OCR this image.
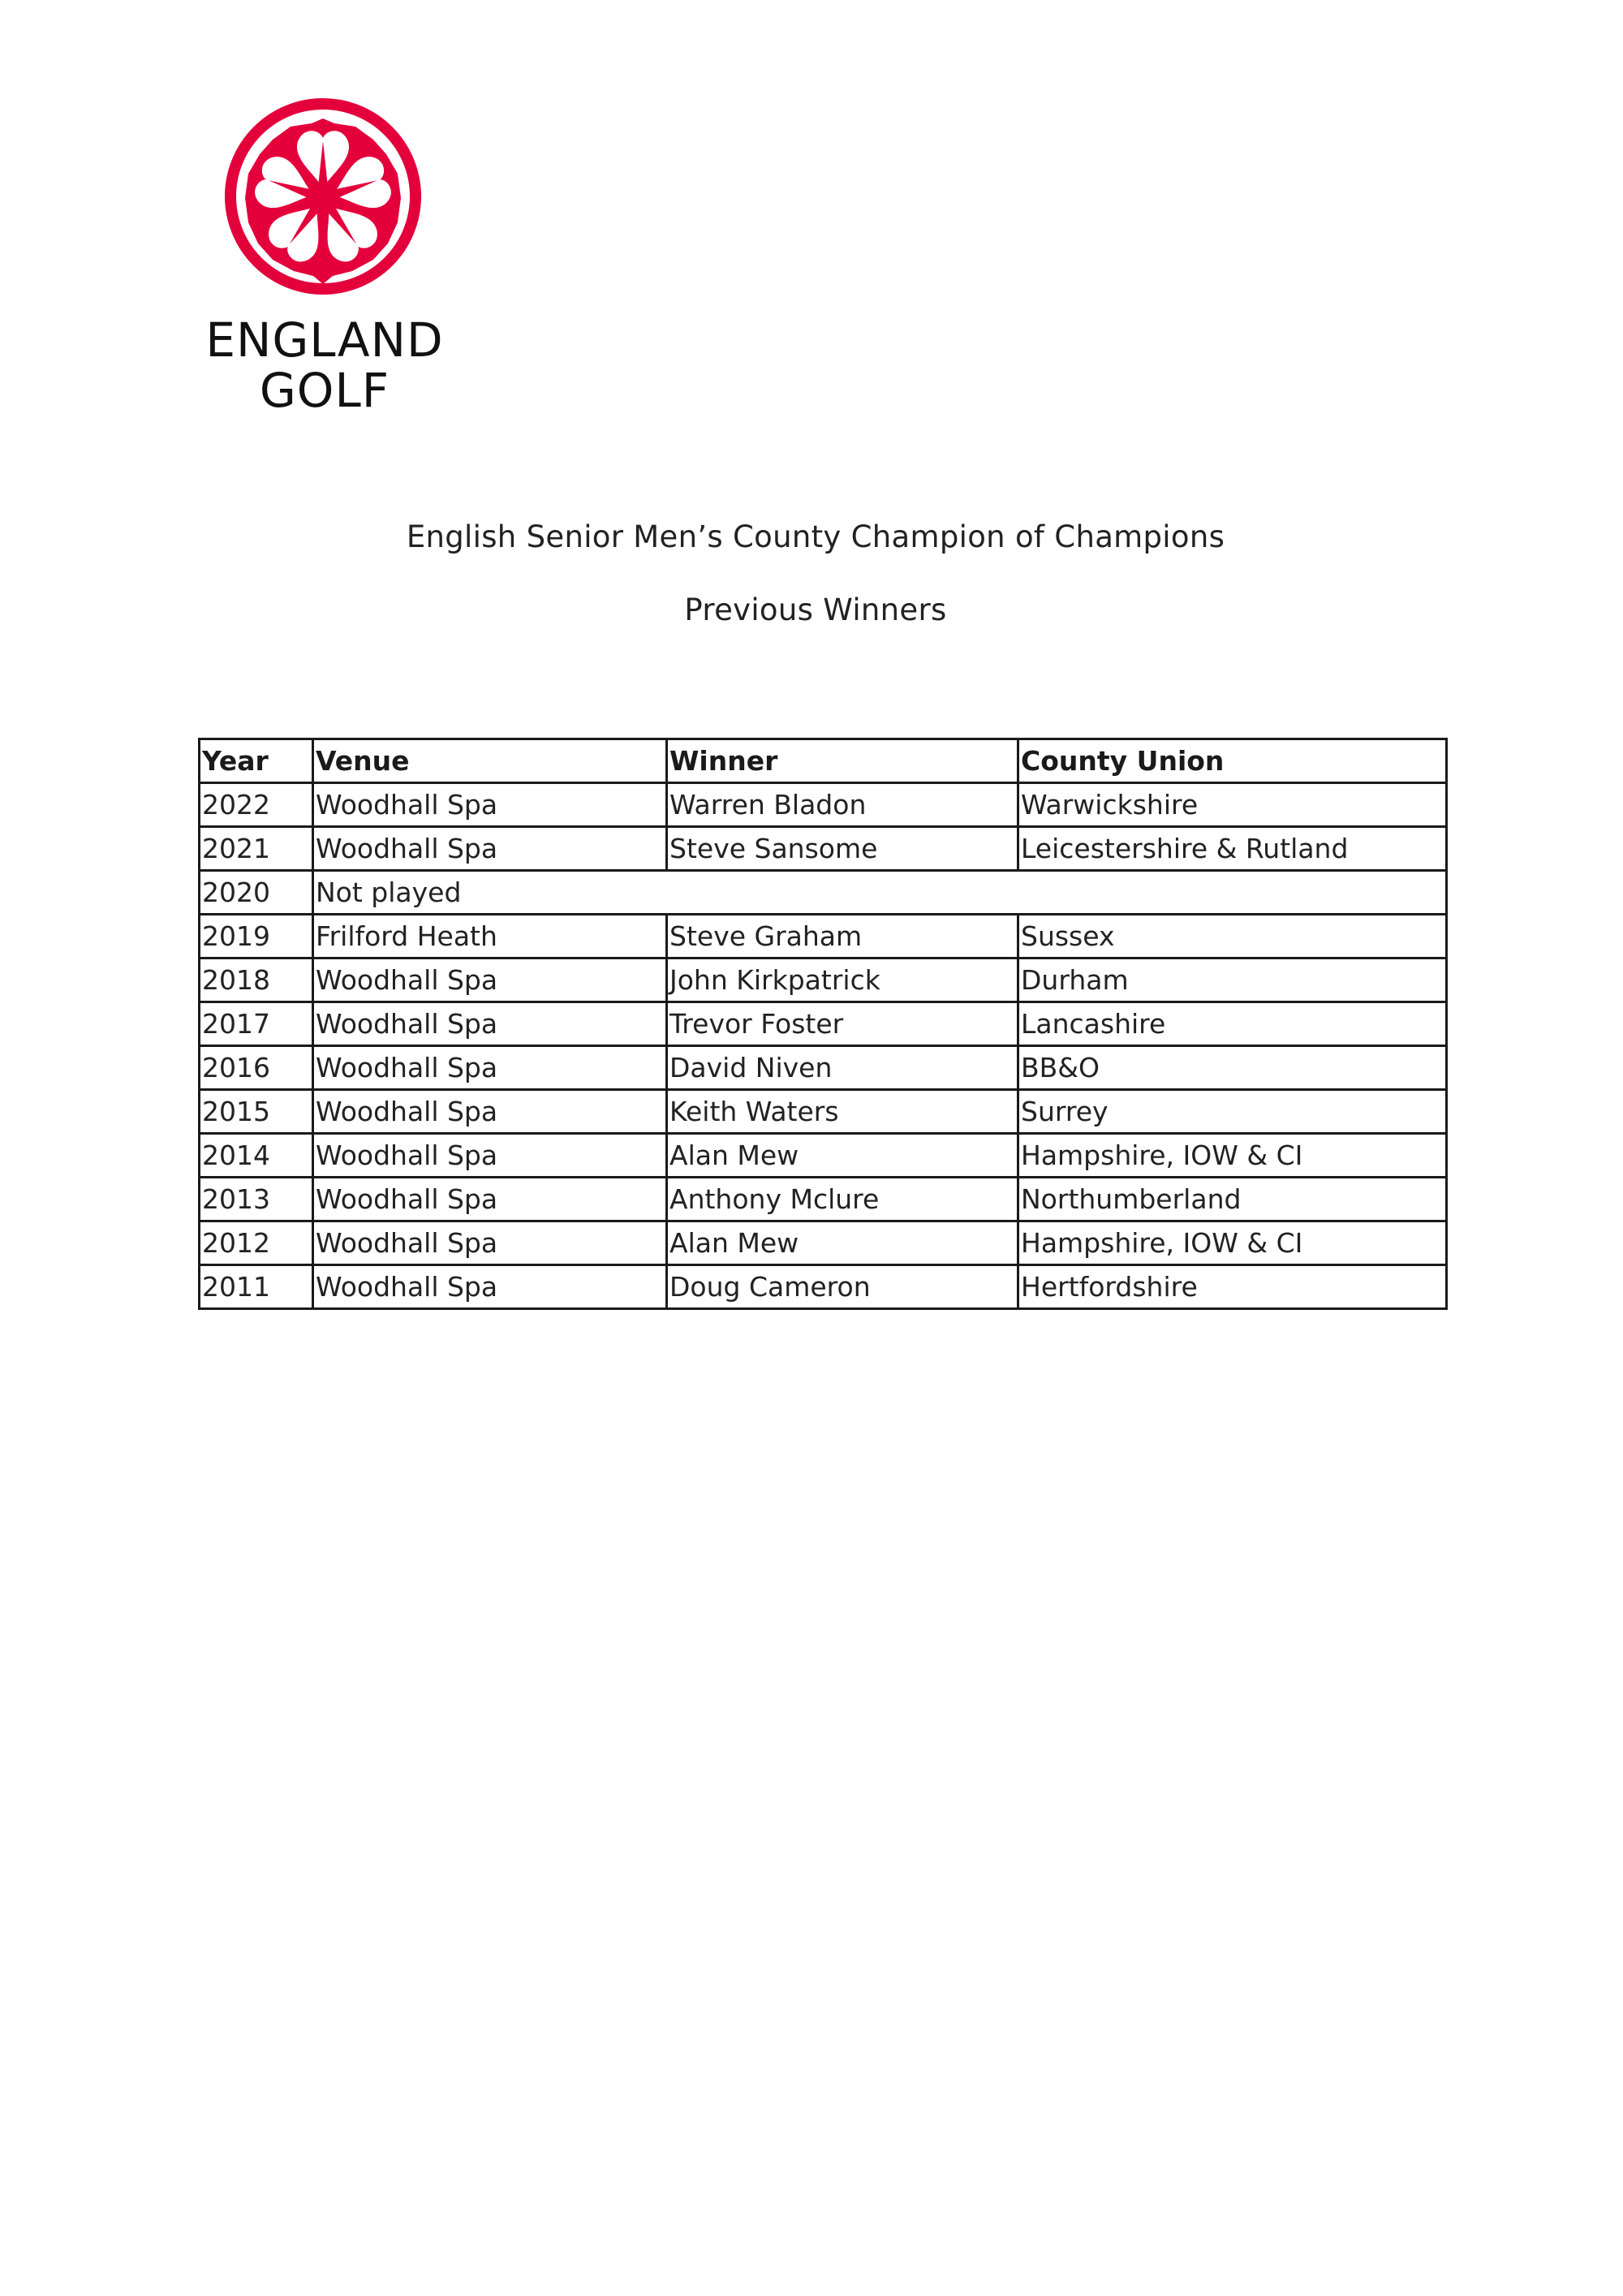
ENGLAND
GOLF
English Senior Men’s County Champion of Champions
Previous Winners
Year	Venue	Winner	County Union
2022	Woodhall Spa	Warren Bladon	Warwickshire
2021	Woodhall Spa	Steve Sansome	Leicestershire & Rutland
2020	Not played		
2019	Frilford Heath	Steve Graham	Sussex
2018	Woodhall Spa	John Kirkpatrick	Durham
2017	Woodhall Spa	Trevor Foster	Lancashire
2016	Woodhall Spa	David Niven	BB&O
2015	Woodhall Spa	Keith Waters	Surrey
2014	Woodhall Spa	Alan Mew	Hampshire, IOW & CI
2013	Woodhall Spa	Anthony Mclure	Northumberland
2012	Woodhall Spa	Alan Mew	Hampshire, IOW & CI
2011	Woodhall Spa	Doug Cameron	Hertfordshire
